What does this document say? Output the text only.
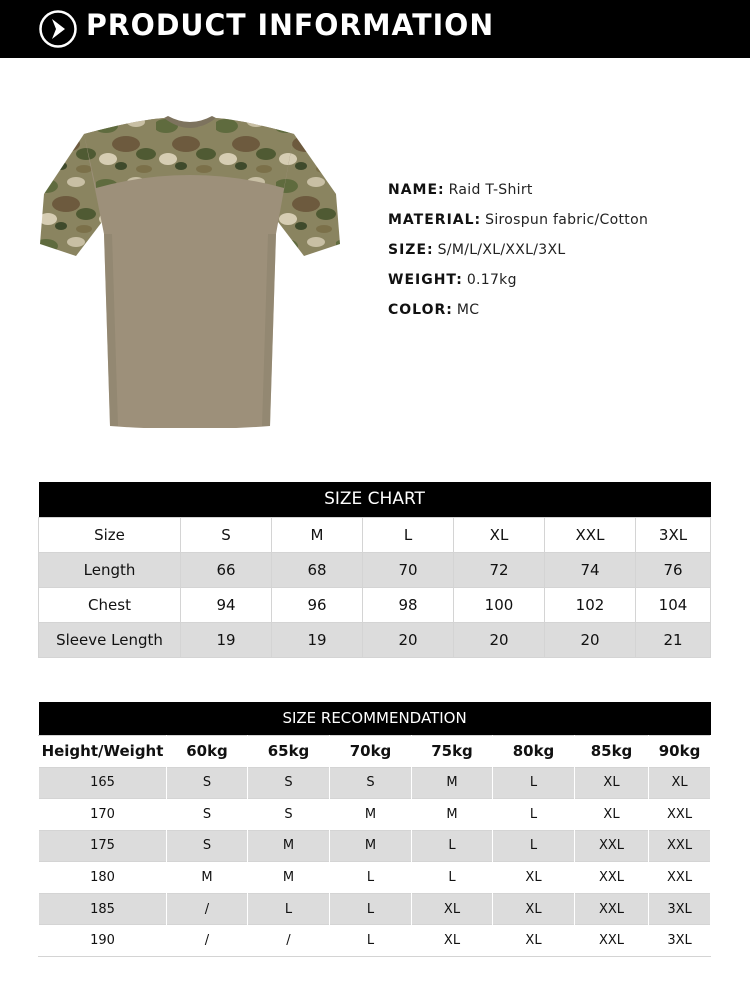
PRODUCT INFORMATION
NAME: Raid T-Shirt
MATERIAL: Sirospun fabric/Cotton
SIZE: S/M/L/XL/XXL/3XL
WEIGHT: 0.17kg
COLOR: MC
SIZE CHART						
Size	S	M	L	XL	XXL	3XL
Length	66	68	70	72	74	76
Chest	94	96	98	100	102	104
Sleeve Length	19	19	20	20	20	21
SIZE RECOMMENDATION							
Height/Weight	60kg	65kg	70kg	75kg	80kg	85kg	90kg
165	S	S	S	M	L	XL	XL
170	S	S	M	M	L	XL	XXL
175	S	M	M	L	L	XXL	XXL
180	M	M	L	L	XL	XXL	XXL
185	/	L	L	XL	XL	XXL	3XL
190	/	/	L	XL	XL	XXL	3XL
